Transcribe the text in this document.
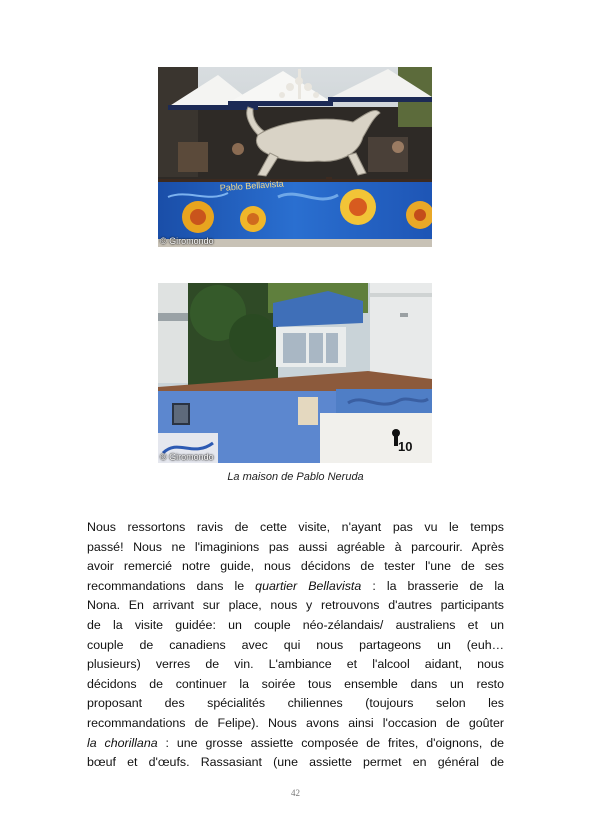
Pablo Bellavista
© Giromondo
10
© Giromondo
La maison de Pablo Neruda

Nous ressortons ravis de cette visite, n'ayant pas vu le temps
passé! Nous ne l'imaginions pas aussi agréable à parcourir. Après
avoir remercié notre guide, nous décidons de tester l'une de ses
recommandations dans le quartier Bellavista : la brasserie de la
Nona. En arrivant sur place, nous y retrouvons d'autres participants
de la visite guidée: un couple néo-zélandais/ australiens et un
couple de canadiens avec qui nous partageons un (euh…
plusieurs) verres de vin. L'ambiance et l'alcool aidant, nous
décidons de continuer la soirée tous ensemble dans un resto
proposant des spécialités chiliennes (toujours selon les
recommandations de Felipe). Nous avons ainsi l'occasion de goûter
la chorillana : une grosse assiette composée de frites, d'oignons, de
bœuf et d'œufs. Rassasiant (une assiette permet en général de

42
